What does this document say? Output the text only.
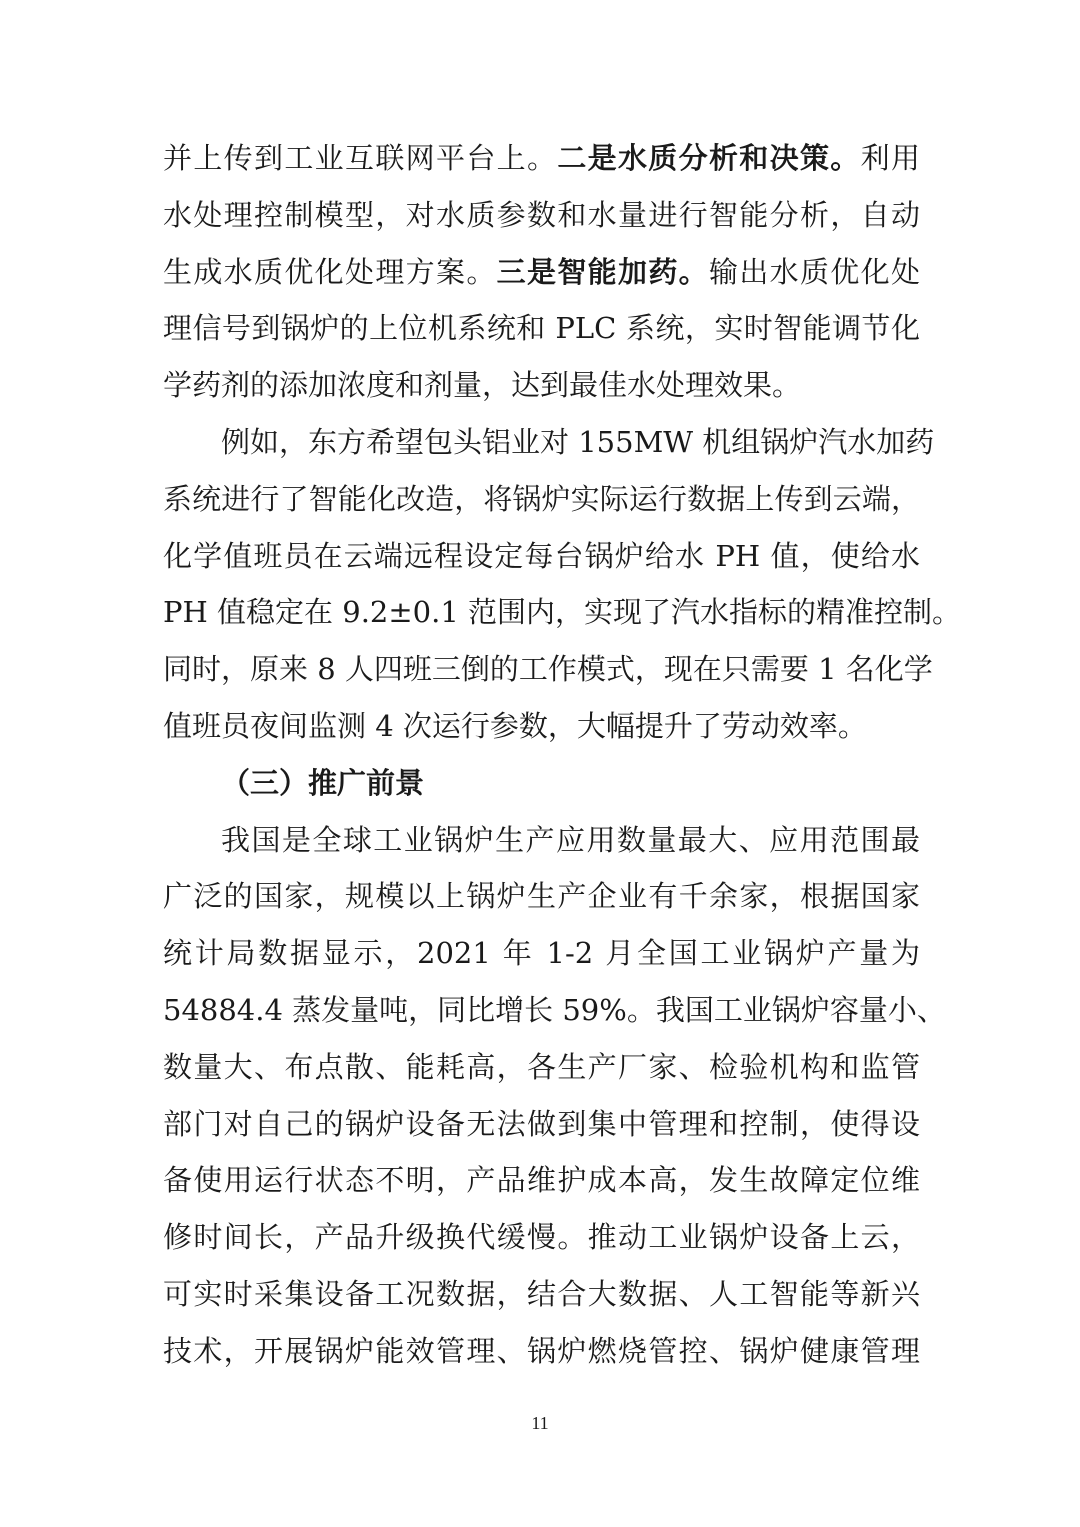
并上传到工业互联网平台上。二是水质分析和决策。利用
水处理控制模型，对水质参数和水量进行智能分析，自动
生成水质优化处理方案。三是智能加药。输出水质优化处
理信号到锅炉的上位机系统和 PLC 系统，实时智能调节化
学药剂的添加浓度和剂量，达到最佳水处理效果。
例如，东方希望包头铝业对 155MW 机组锅炉汽水加药
系统进行了智能化改造，将锅炉实际运行数据上传到云端，
化学值班员在云端远程设定每台锅炉给水 PH 值，使给水
PH 值稳定在 9.2±0.1 范围内，实现了汽水指标的精准控制。
同时，原来 8 人四班三倒的工作模式，现在只需要 1 名化学
值班员夜间监测 4 次运行参数，大幅提升了劳动效率。
（三）推广前景
我国是全球工业锅炉生产应用数量最大、应用范围最
广泛的国家，规模以上锅炉生产企业有千余家，根据国家
统计局数据显示，2021 年 1-2 月全国工业锅炉产量为
54884.4 蒸发量吨，同比增长 59%。我国工业锅炉容量小、
数量大、布点散、能耗高，各生产厂家、检验机构和监管
部门对自己的锅炉设备无法做到集中管理和控制，使得设
备使用运行状态不明，产品维护成本高，发生故障定位维
修时间长，产品升级换代缓慢。推动工业锅炉设备上云，
可实时采集设备工况数据，结合大数据、人工智能等新兴
技术，开展锅炉能效管理、锅炉燃烧管控、锅炉健康管理
11
